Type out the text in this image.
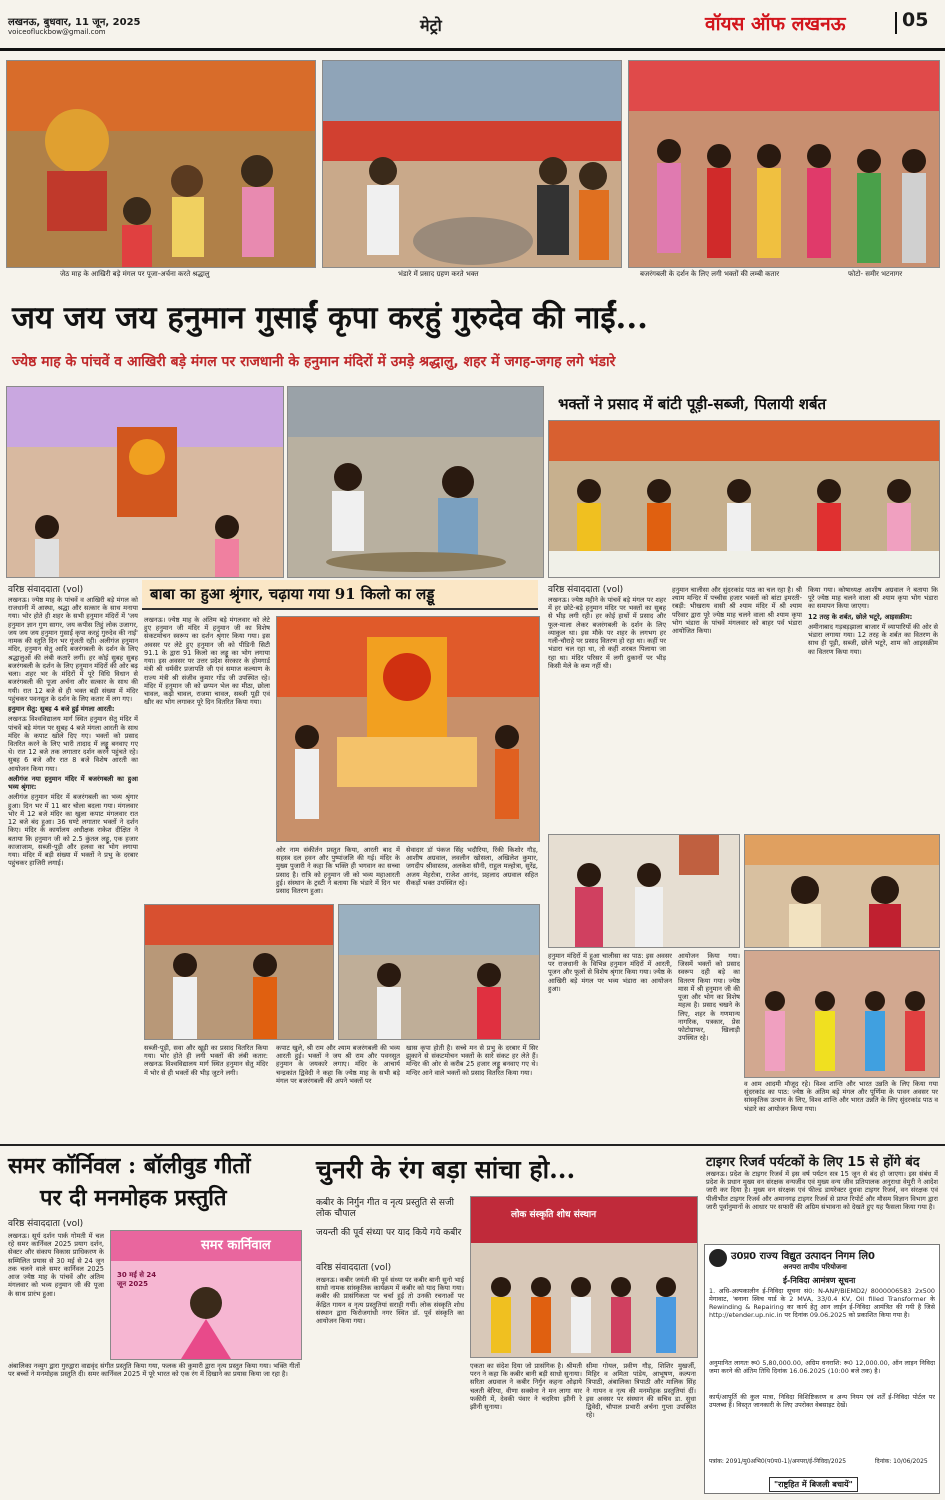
लखनऊ, बुधवार, 11 जून, 2025
voiceofluckbow@gmail.com	मेट्रो	वॉयस ऑफ लखनऊ	05
जेठ माह के आखिरी बड़े मंगल पर पूजा-अर्चना करते श्रद्धालु	भंडारे में प्रसाद ग्रहण करते भक्त	बजरंगबली के दर्शन के लिए लगी भक्तों की लम्बी कतार	फोटो- समीर भटनागर
जय जय जय हनुमान गुसाईं कृपा करहुं गुरुदेव की नाईं...
ज्येष्ठ माह के पांचवें व आखिरी बड़े मंगल पर राजधानी के हनुमान मंदिरों में उमड़े श्रद्धालु, शहर में जगह-जगह लगे भंडारे
भक्तों ने प्रसाद में बांटी पूड़ी-सब्जी, पिलायी शर्बत
वरिष्ठ संवाददाता (vol)

लखनऊ। ज्येष्ठ माह के पांचवें व आखिरी बड़े मंगल को राजधानी में आस्था, श्रद्धा और सत्कार के साथ मनाया गया। भोर होते ही शहर के सभी हनुमान मंदिरों में 'जय हनुमान ज्ञान गुण सागर, जय कपीस तिहुं लोक उजागर, जय जय जय हनुमान गुसाईं कृपा करहुं गुरुदेव की नाईं' नामक की स्तुति दिन भर गूंजती रही। अलीगंज हनुमान मंदिर, हनुमान सेतु आदि बजरंगबली के दर्शन के लिए श्रद्धालुओं की लंबी कतारें लगीं। हर कोई सुबह सुबह बजरंगबली के दर्शन के लिए हनुमान मंदिरों की ओर बढ़ चला। शहर भर के मंदिरों में पूरे विधि विधान से बजरंगबली की पूजा अर्चना और सत्कार के साथ की गयी। रात 12 बजे से ही भक्त बड़ी संख्या में मंदिर पहुंचकर पवनसुत के दर्शन के लिए कतार में लग गए।

हनुमान सेतु: सुबह 4 बजे हुई मंगला आरती:

लखनऊ विश्वविद्यालय मार्ग स्थित हनुमान सेतु मंदिर में पांचवें बड़े मंगल पर सुबह 4 बजे मंगला आरती के साथ मंदिर के कपाट खोले दिए गए। भक्तों को प्रसाद वितरित करने के लिए भारी तादाद में लड्डू बनवाए गए थे। रात 12 बजे तक लगातार दर्शन करने पहुंचते रहे। सुबह 6 बजे और रात 8 बजे विशेष आरती का आयोजन किया गया।

अलीगंज नया हनुमान मंदिर में बजरंगबली का हुआ भव्य श्रृंगार:

अलीगंज हनुमान मंदिर में बजरंगबली का भव्य श्रृंगार हुआ। दिन भर में 11 बार चोला बदला गया। मंगलवार भोर में 12 बजे मंदिर का खुला कपाट मंगलवार रात 12 बजे बंद हुआ। 36 घण्टे लगातार भक्तों ने दर्शन किए। मंदिर के कार्यालय अधीक्षक राकेश दीक्षित ने बताया कि हनुमान जी को 2.5 कुंतल लड्डू, एक हजार काजाजाम, सब्जी-पूड़ी और हलवा का भोग लगाया गया। मंदिर में बड़ी संख्या में भक्तों ने प्रभु के दरबार पहुंचकर हाजिरी लगाई।

बाबा का हुआ श्रृंगार, चढ़ाया गया 91 किलो का लड्डू
लखनऊ। ज्येष्ठ माह के अंतिम बड़े मंगलवार को लेटे हुए हनुमान जी मंदिर में हनुमान जी का विशेष संकटमोचन स्वरूप का दर्शन श्रृंगार किया गया। इस अवसर पर लेटे हुए हनुमान जी को पीडिनी सिटी 91.1 के द्वारा 91 किलो का लड्डू का भोग लगाया गया। इस अवसर पर उत्तर प्रदेश सरकार के होमगार्ड मंत्री श्री धर्मवीर प्रजापति जी एवं समाज कल्याण के राज्य मंत्री श्री संजीव कुमार गोंड जी उपस्थित रहे। मंदिर में हनुमान जी को छप्पन भेल का मीठा, छोला चावल, कढ़ी चावल, राजमा चावल, सब्जी पूड़ी एवं खीर का भोग लगाकर पूरे दिन वितरित किया गया।
ओर नाम संकीर्तन प्रस्तुत किया, आरती बाद में सहस्त्र दल हवन और पुष्पांजलि की गई। मंदिर के मुख्य पुजारी ने कहा कि भक्ति ही भगवान का सच्चा प्रसाद है। रात्रि को हनुमान जी को भव्य महाआरती हुई। संस्थान के ट्रस्टी ने बताया कि भंडारे में दिन भर प्रसाद वितरण हुआ।
सेवादार डॉ पंकज सिंह भदौरिया, रिंकी किशोर गौड़, आशीष अग्रवाल, लवलीन खोसला, अखिलेश कुमार, जगदीप श्रीवास्तव, अलकेश सौनी, राहुल मल्होत्रा, सुरेंद्र, अजय मेहरोत्रा, राजेश आनंद, प्रहलाद अग्रवाल सहित सैकड़ों भक्त उपस्थित रहे।
वरिष्ठ संवाददाता (vol)
लखनऊ। ज्येष्ठ महीने के पांचवें बड़े मंगल पर शहर में हर छोटे-बड़े हनुमान मंदिर पर भक्तों का सुबह से भीड़ लगी रही। हर कोई हाथों में प्रसाद और फूल-माला लेकर बजरंगबली के दर्शन के लिए व्याकुल था। इस मौके पर शहर के लगभग हर गली-चौराहे पर प्रसाद वितरण हो रहा था। कहीं पर भंडारा चल रहा था, तो कहीं शरबत पिलाया जा रहा था। मंदिर परिसर में लगी दुकानों पर भीड़ किसी मेले के कम नहीं थी।
हनुमान चालीसा और सुंदरकांड पाठ का चल रहा है। श्री श्याम मन्दिर में पच्चीस हजार भक्तों को बांटा इमरती-रबड़ी: भीखराय वासी श्री श्याम मंदिर में श्री श्याम परिवार द्वारा पूरे ज्येष्ठ माह चलने वाला श्री श्याम कृपा भोग भंडारा के पांचवें मंगलवार को बाहर पर्व भंडारा आयोजित किया।

किया गया। कोषाध्यक्ष आशीष अग्रवाल ने बताया कि पूरे ज्येष्ठ माह चलने वाला श्री श्याम कृपा भोग भंडारा का समापन किया जाएगा।

12 तरह के शर्बत, छोले भटूरे, आइसक्रीम:

अमीनाबाद गड़बड़झाला बाजार में व्यापारियों की ओर से भंडारा लगाया गया। 12 तरह के शर्बत का वितरण के साथ ही पूड़ी, सब्जी, छोले भटूरे, शाम को आइसक्रीम का वितरण किया गया।

सब्जी-पूड़ी, सवा और खूड़ी का प्रसाद वितरित किया गया। भोर होते ही लगी भक्तों की लंबी कतार: लखनऊ विश्वविद्यालय मार्ग स्थित हनुमान सेतु मंदिर में भोर से ही भक्तों की भीड़ जुटने लगी।
कपाट खुले, श्री राम और श्याम बजरंगबली की भव्य आरती हुई। भक्तों ने जय श्री राम और पवनसुत हनुमान के जयकारे लगाए। मंदिर के आचार्य चन्द्रकांत द्विवेदी ने कहा कि ज्येष्ठ माह के सभी बड़े मंगल पर बजरंगबली की अपने भक्तों पर
खास कृपा होती है। सच्चे मन से प्रभु के दरबार में सिर झुकाने से संकटमोचन भक्तों के सारे संकट हर लेते हैं। मन्दिर की ओर से करीब 25 हजार लड्डू बनवाए गए थे। मन्दिर आने वाले भक्तों को प्रसाद वितरित किया गया।
हनुमान मंदिरों में हुआ चालीसा का पाठ: इस अवसर पर राजधानी के विभिन्न हनुमान मंदिरों में आरती, पूजन और फूलों से विशेष श्रृंगार किया गया। ज्येष्ठ के आखिरी बड़े मंगल पर भव्य भंडारा का आयोजन हुआ।
आयोजन किया गया। जिसमें भक्तों को प्रसाद स्वरूप दही बड़े का वितरण किया गया। ज्येष्ठ मास में श्री हनुमान जी की पूजा और भोग का विशेष महत्व है। प्रसाद चखने के लिए, शहर के गणमान्य नागरिक, पत्रकार, प्रेस फोटोग्राफर, खिलाड़ी उपस्थित रहे।
व आम आदमी मौजूद रहे। विश्व शान्ति और भारत उन्नति के लिए किया गया सुंदरकांड का पाठ: ज्येष्ठ के अंतिम बड़े मंगल और पूर्णिमा के पावन अवसर पर सांस्कृतिक उत्थान के लिए, विश्व शान्ति और भारत उन्नति के लिए सुंदरकांड पाठ व भंडारे का आयोजन किया गया।
समर कॉर्निवल : बॉलीवुड गीतों
पर दी मनमोहक प्रस्तुति
वरिष्ठ संवाददाता (vol)
लखनऊ। सूर्य दर्शन पार्क गोमती में चल रहे समर कार्निवल 2025 प्रयाग दर्शन, सेक्टर और संकाय विकास प्राधिकरण के सम्मिलित प्रयास से 30 मई से 24 जून तक चलने वाले समर कार्निवल 2025 आज ज्येष्ठ माह के पांचवें और अंतिम मंगलवार को भव्य हनुमान जी की पूजा के साथ प्रारंभ हुआ।
समर कार्निवाल
30 मई से 24 जून 2025
अंबालिका नव्युग द्वारा गुरुद्वारा वाद्यवृंद संगीत प्रस्तुति किया गया, फलक की कुमारी द्वारा नृत्य प्रस्तुत किया गया। भक्ति गीतों पर बच्चों ने मनमोहक प्रस्तुति दी। समर कार्निवल 2025 में पूरे भारत को एक रंग में दिखाने का प्रयास किया जा रहा है।
चुनरी के रंग बड़ा सांचा हो...
कबीर के निर्गुन गीत व नृत्य प्रस्तुति से सजी लोक चौपाल
जयन्ती की पूर्व संध्या पर याद किये गये कबीर
वरिष्ठ संवाददाता (vol)
लोक संस्कृति शोध संस्थान
लखनऊ। कबीर जयंती की पूर्व संध्या पर कबीर बानी सुनो भाई साधो नामक सांस्कृतिक कार्यक्रम में कबीर को याद किया गया। कबीर की प्रासंगिकता पर चर्चा हुई तो उनकी रचनाओं पर केंद्रित गायन व नृत्य प्रस्तुतियां सराही गयीं। लोक संस्कृति शोध संस्थान द्वारा फिरोजगांधी नगर स्थित डॉ. पूर्व संस्कृति का आयोजन किया गया।
एकता का संदेश दिया जो प्रासंगिक है। श्रीमती परन ने कहा कि कबीर बानी बड़ी साधो सुनाया। सरिता अग्रवाल ने कबीर निर्गुन कहना ओढ़ाये चलती बेरिया, वीणा सक्सेना ने मन लागा यार फकीरी में, देवकी पंवार ने चदरिया झीनी रे झीनी सुनाया।
सीमा गोयल, प्रवीण गौड़, शिशिर मुखर्जी, मिहिर व अमिता पांडेय, आभूषण, कल्पना त्रिपाठी, अंबालिका त्रिपाठी और मालिक सिंह ने गायन व नृत्य की मनमोहक प्रस्तुतियां दीं। इस अवसर पर संस्थान की सचिव डा. सुधा द्विवेदी, चौपाल प्रभारी अर्चना गुप्ता उपस्थित रहे।
टाइगर रिजर्व पर्यटकों के लिए 15 से होंगे बंद
लखनऊ। प्रदेश के टाइगर रिजर्व में इस वर्ष पर्यटन सत्र 15 जून से बंद हो जाएगा। इस संबंध में प्रदेश के प्रधान मुख्य वन संरक्षक वन्यजीव एवं मुख्य वन्य जीव प्रतिपालक अनुराधा वेमुरी ने आदेश जारी कर दिया है। मुख्य वन संरक्षक एवं फील्ड डायरेक्टर दुधवा टाइगर रिजर्व, वन संरक्षक एवं पीलीभीत टाइगर रिजर्व और अमानगढ़ टाइगर रिजर्व से प्राप्त रिपोर्ट और मौसम विज्ञान विभाग द्वारा जारी पूर्वानुमानों के आधार पर सफारी की अग्रिम संभावना को देखते हुए यह फैसला किया गया है।
उ0प्र0 राज्य विद्युत उत्पादन निगम लि0
अनपरा तापीय परियोजना
ई-निविदा आमंत्रण सूचना
1. अधि-अल्पकालीन ई-निविदा सूचना सं0: N-ANP/BIEMD2/ 8000006583 2x500 मेगावाट, 'बनाना स्विच यार्ड के 2 MVA, 33/0.4 KV, Oil filled Transformer के Rewinding & Repairing का कार्य हेतु आन लाईन ई-निविदा आमंत्रित की गयी है जिसे http://etender.up.nic.in पर दिनांक 09.06.2025 को प्रकाशित किया गया है।
अनुमानित लागतः रू0 5,80,000.00, अग्रिम धनराशि: रू0 12,000.00, ऑन लाइन निविदा जमा करने की अंतिम तिथि दिनांक 16.06.2025 (10:00 बजे तक) है।
कार्य/आपूर्ति की कुल मात्रा, निविदा विशिष्टिकरण व अन्य नियम एवं शर्तें ई-निविदा पोर्टल पर उपलब्ध हैं। विस्तृत जानकारी के लिए उपरोक्त वेबसाइट देखें।
पत्रांक: 2091/मु0अभि0(प0प0-1)/अनपरा/ई-निविदा/2025	दिनांक: 10/06/2025
"राष्ट्रहित में बिजली बचायें"
